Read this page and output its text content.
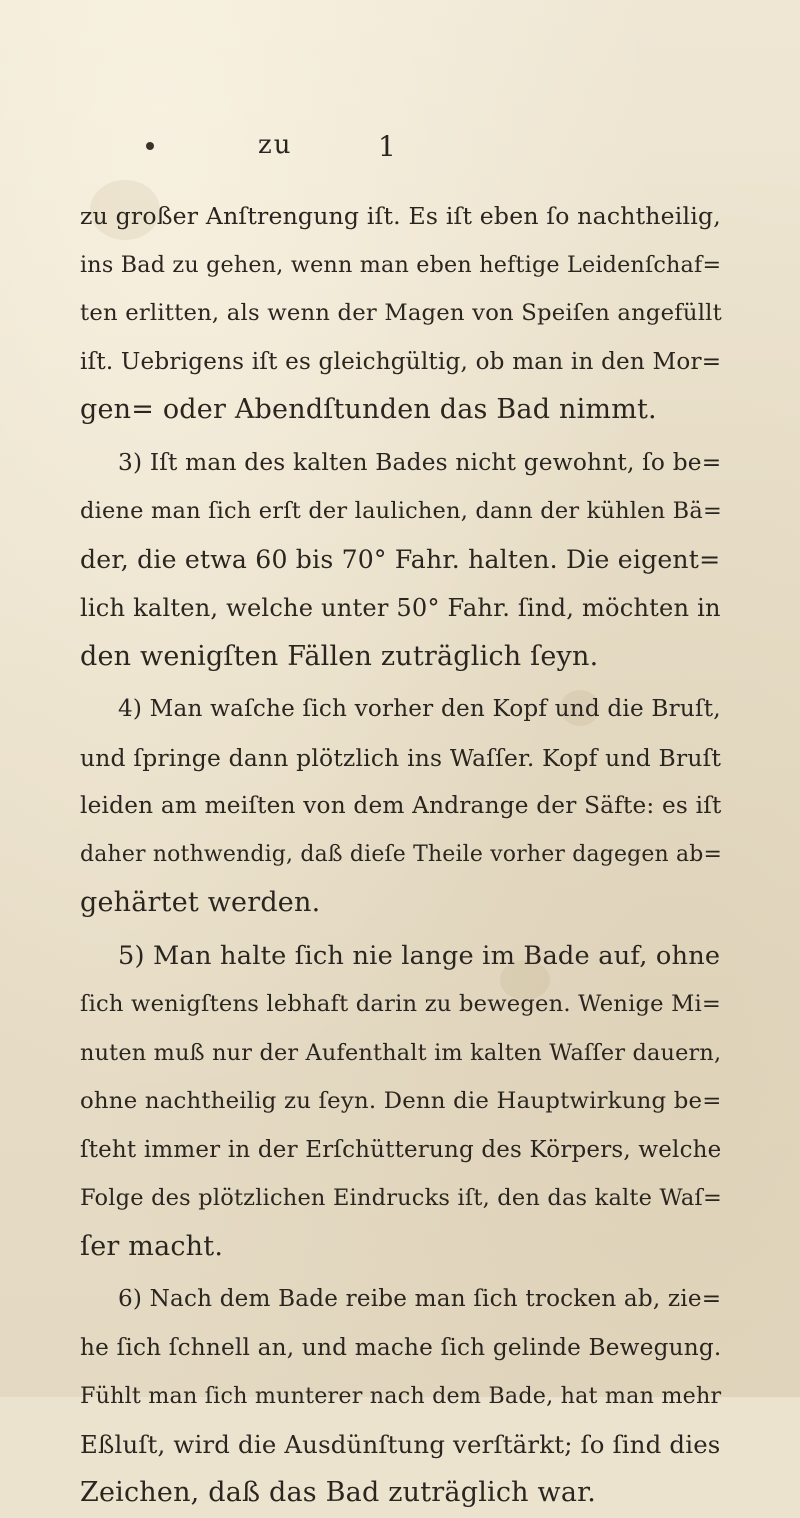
zu	1
zu großer Anſtrengung iſt. Es iſt eben ſo nachtheilig,
ins Bad zu gehen, wenn man eben heftige Leidenſchaf=
ten erlitten, als wenn der Magen von Speiſen angefüllt
iſt. Uebrigens iſt es gleichgültig, ob man in den Mor=
gen= oder Abendſtunden das Bad nimmt.
3) Iſt man des kalten Bades nicht gewohnt, ſo be=
diene man ſich erſt der laulichen, dann der kühlen Bä=
der, die etwa 60 bis 70° Fahr. halten. Die eigent=
lich kalten, welche unter 50° Fahr. ſind, möchten in
den wenigſten Fällen zuträglich ſeyn.
4) Man waſche ſich vorher den Kopf und die Bruſt,
und ſpringe dann plötzlich ins Waſſer. Kopf und Bruſt
leiden am meiſten von dem Andrange der Säfte: es iſt
daher nothwendig, daß dieſe Theile vorher dagegen ab=
gehärtet werden.
5) Man halte ſich nie lange im Bade auf, ohne
ſich wenigſtens lebhaft darin zu bewegen. Wenige Mi=
nuten muß nur der Aufenthalt im kalten Waſſer dauern,
ohne nachtheilig zu ſeyn. Denn die Hauptwirkung be=
ſteht immer in der Erſchütterung des Körpers, welche
Folge des plötzlichen Eindrucks iſt, den das kalte Waſ=
ſer macht.
6) Nach dem Bade reibe man ſich trocken ab, zie=
he ſich ſchnell an, und mache ſich gelinde Bewegung.
Fühlt man ſich munterer nach dem Bade, hat man mehr
Eßluſt, wird die Ausdünſtung verſtärkt; ſo ſind dies
Zeichen, daß das Bad zuträglich war.
